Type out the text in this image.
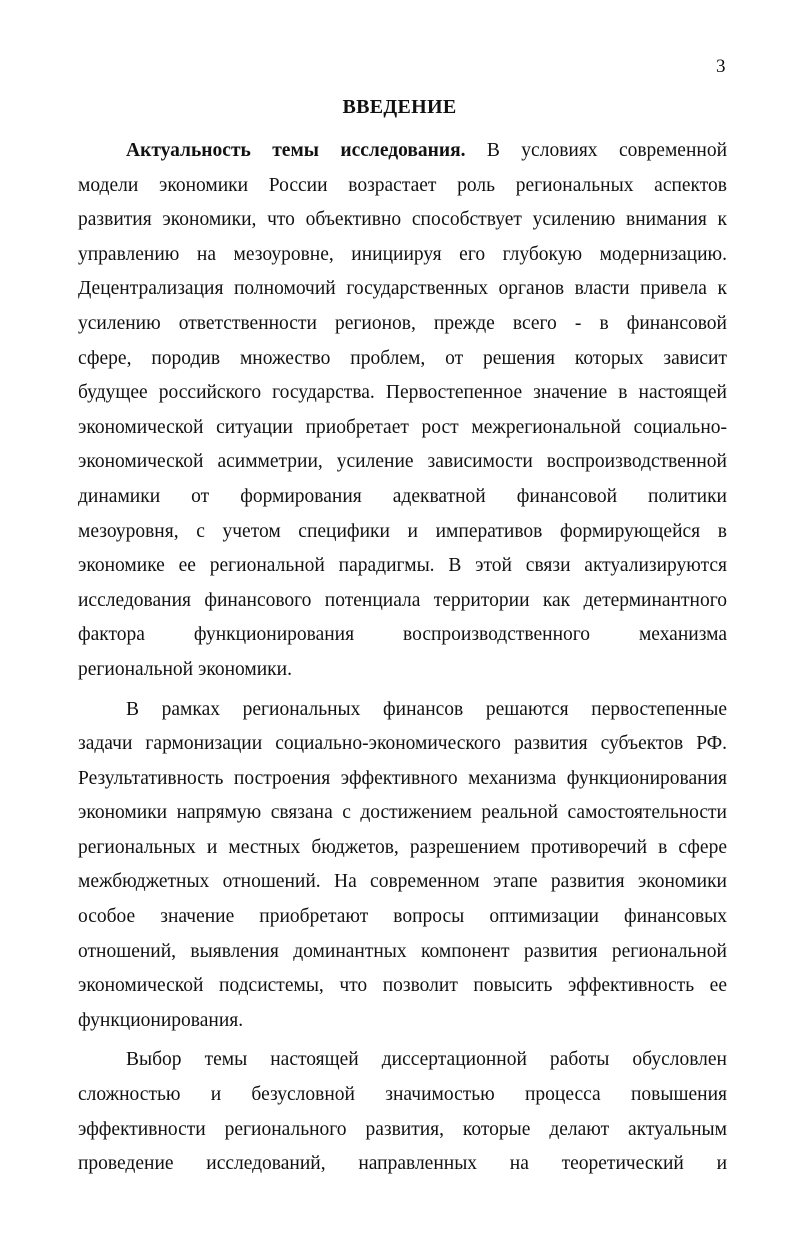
3
ВВЕДЕНИЕ
Актуальность темы исследования. В условиях современной
модели экономики России возрастает роль региональных аспектов
развития экономики, что объективно способствует усилению внимания к
управлению на мезоуровне, инициируя его глубокую модернизацию.
Децентрализация полномочий государственных органов власти привела к
усилению ответственности регионов, прежде всего - в финансовой
сфере, породив множество проблем, от решения которых зависит
будущее российского государства. Первостепенное значение в настоящей
экономической ситуации приобретает рост межрегиональной социально-
экономической асимметрии, усиление зависимости воспроизводственной
динамики от формирования адекватной финансовой политики
мезоуровня, с учетом специфики и императивов формирующейся в
экономике ее региональной парадигмы. В этой связи актуализируются
исследования финансового потенциала территории как детерминантного
фактора функционирования воспроизводственного механизма
региональной экономики.
В рамках региональных финансов решаются первостепенные
задачи гармонизации социально-экономического развития субъектов РФ.
Результативность построения эффективного механизма функционирования
экономики напрямую связана с достижением реальной самостоятельности
региональных и местных бюджетов, разрешением противоречий в сфере
межбюджетных отношений. На современном этапе развития экономики
особое значение приобретают вопросы оптимизации финансовых
отношений, выявления доминантных компонент развития региональной
экономической подсистемы, что позволит повысить эффективность ее
функционирования.
Выбор темы настоящей диссертационной работы обусловлен
сложностью и безусловной значимостью процесса повышения
эффективности регионального развития, которые делают актуальным
проведение исследований, направленных на теоретический и
